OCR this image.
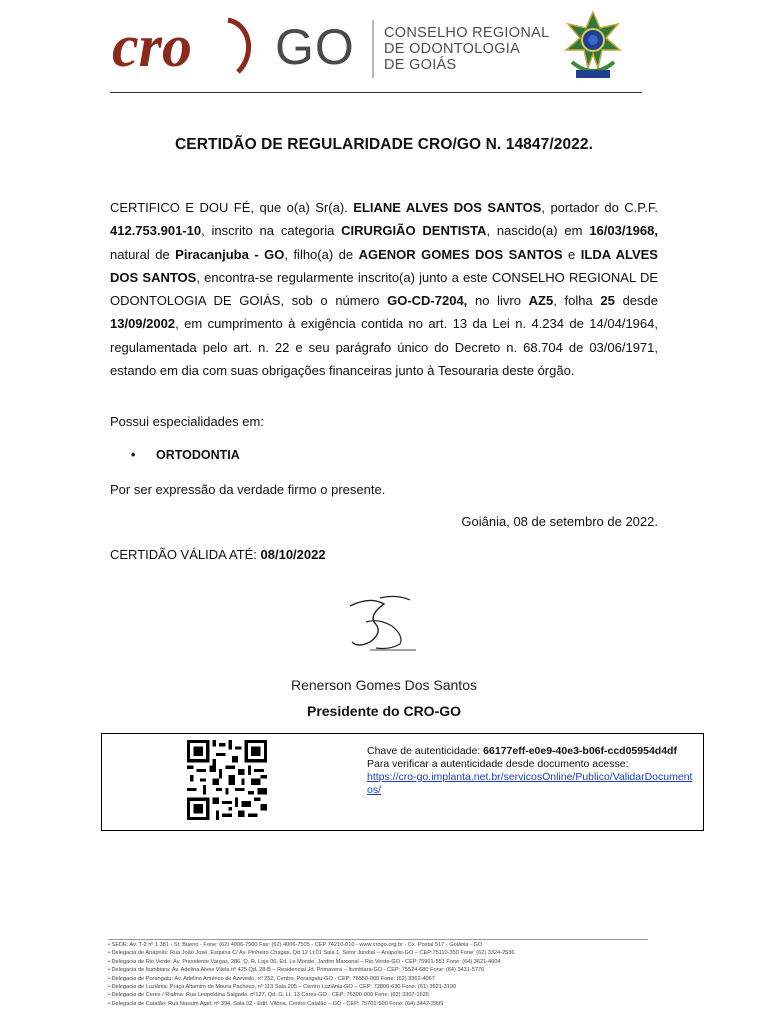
cro GO CONSELHO REGIONAL
DE ODONTOLOGIA
DE GOIÁS
CERTIDÃO DE REGULARIDADE CRO/GO N. 14847/2022.
CERTIFICO E DOU FÉ, que o(a) Sr(a). ELIANE ALVES DOS SANTOS, portador do C.P.F. 412.753.901-10, inscrito na categoria CIRURGIÃO DENTISTA, nascido(a) em 16/03/1968, natural de Piracanjuba - GO, filho(a) de AGENOR GOMES DOS SANTOS e ILDA ALVES DOS SANTOS, encontra-se regularmente inscrito(a) junto a este CONSELHO REGIONAL DE ODONTOLOGIA DE GOIÁS, sob o número GO-CD-7204, no livro AZ5, folha 25 desde 13/09/2002, em cumprimento à exigência contida no art. 13 da Lei n. 4.234 de 14/04/1964, regulamentada pelo art. n. 22 e seu parágrafo único do Decreto n. 68.704 de 03/06/1971, estando em dia com suas obrigações financeiras junto à Tesouraria deste órgão.
Possui especialidades em:
• ORTODONTIA
Por ser expressão da verdade firmo o presente.
Goiânia, 08 de setembro de 2022.
CERTIDÃO VÁLIDA ATÉ: 08/10/2022
Renerson Gomes Dos Santos
Presidente do CRO-GO
Chave de autenticidade: 66177eff-e0e9-40e3-b06f-ccd05954d4df
Para verificar a autenticidade desde documento acesse:
https://cro-go.implanta.net.br/servicosOnline/Publico/ValidarDocumentos/
• SEDE: Av. T-2 nº 1.381 - St. Bueno - Fone: (62) 4006-7500 Fax: (62) 4006-7505 - CEP 74210-010 - www.crogo.org.br - Cx. Postal 517 - Goiânia - GO
• Delegacia de Anápolis: Rua João José, Esquina C/ Av. Pinheiro Chagas, Qd.12 Lt.01 Sala 1, Setor Jundiaí – Anápolis-GO – CEP:75110-350 Fone: (62) 3324-2536
• Delegacia de Rio Verde: Av. Presidente Vargas, 286, Q. R, Loja 06, Ed. Le Monde, Jardim Marconal – Rio Verde-GO - CEP:75901-551 Fone: (64) 3621-4004
• Delegacia de Itumbiara: Av. Adelina Alves Vilela nº 425 Qd. 28-B – Residencial Jd. Primavera – Itumbiara-GO - CEP: 75524-680 Fone: (64) 3431-5776
• Delegacia de Porangatu: Av. Adelino Américo de Azevedo, nº 252, Centro, Porangatu-GO - CEP: 76550-000 Fone: (62) 3362-4067
• Delegacia de Luziânia: Praça Altamiro de Moura Pacheco, nº 113 Sala 205 – Centro Luziânia-GO – CEP: 72800-630 Fone: (61) 3621-3190
• Delegacia de Ceres / Rialma: Rua Leopoldina Salgado, nº127, Qd. G, Lt. 13 Ceres-GO - CEP: 76300-000 Fone: (62) 3307-1625
• Delegacia de Catalão: Rua Nassim Agel, nº 394, Sala 02 - Edif. Vitória, Centro Catalão – GO - CEP: 75701-500 Fone: (64) 3442-2999
